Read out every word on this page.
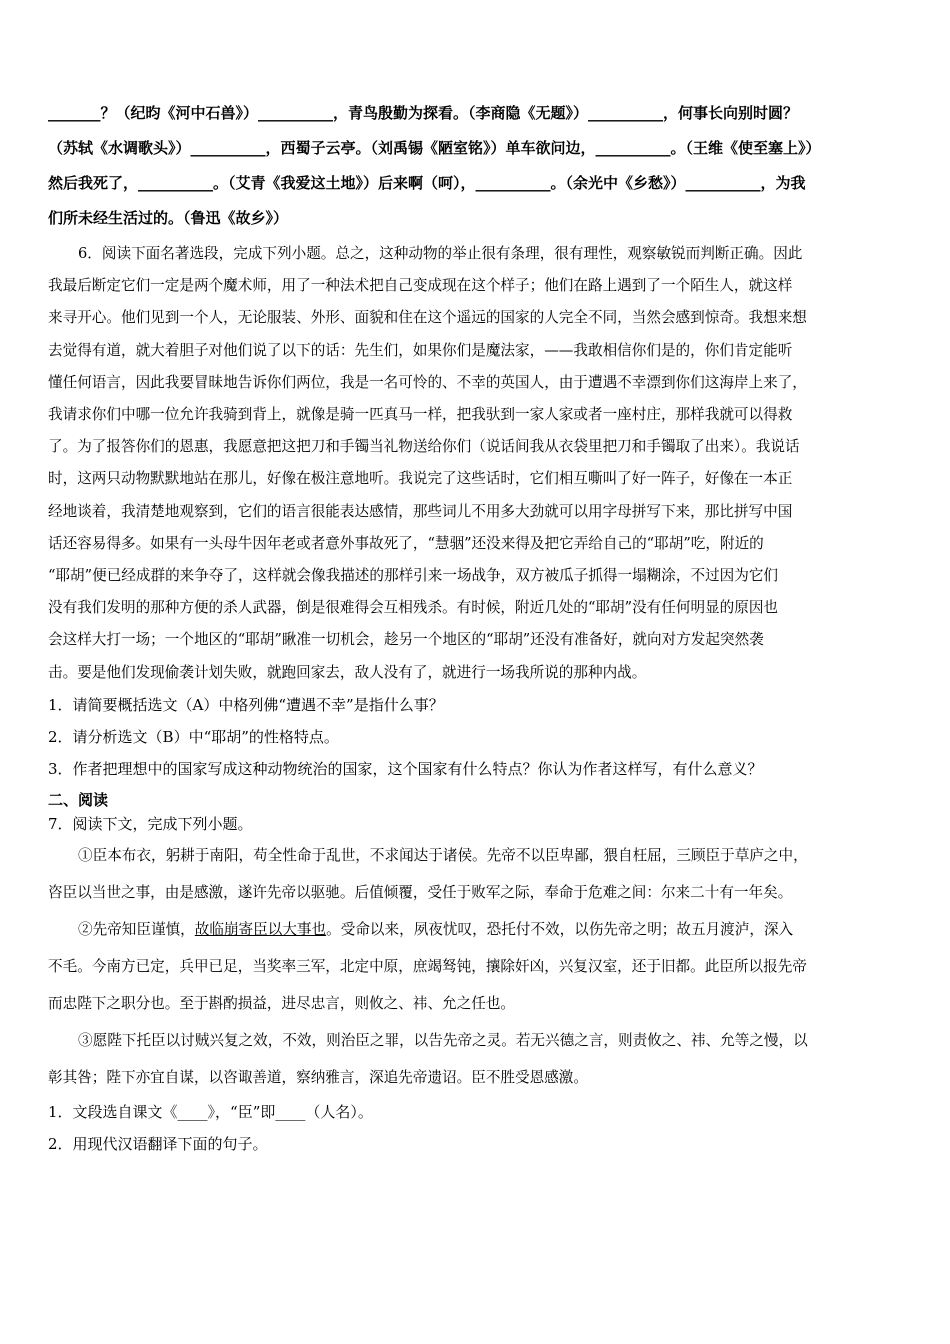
_______？（纪昀《河中石兽》）__________，青鸟殷勤为探看。（李商隐《无题》）__________，何事长向别时圆？

（苏轼《水调歌头》）__________，西蜀子云亭。（刘禹锡《陋室铭》）单车欲问边，__________。（王维《使至塞上》）

然后我死了，__________。（艾青《我爱这土地》）后来啊（呵），__________。（余光中《乡愁》）__________，为我

们所未经生活过的。（鲁迅《故乡》）

6．阅读下面名著选段，完成下列小题。总之，这种动物的举止很有条理，很有理性，观察敏锐而判断正确。因此

我最后断定它们一定是两个魔术师，用了一种法术把自己变成现在这个样子；他们在路上遇到了一个陌生人，就这样

来寻开心。他们见到一个人，无论服装、外形、面貌和住在这个遥远的国家的人完全不同，当然会感到惊奇。我想来想

去觉得有道，就大着胆子对他们说了以下的话：先生们，如果你们是魔法家，——我敢相信你们是的，你们肯定能听

懂任何语言，因此我要冒昧地告诉你们两位，我是一名可怜的、不幸的英国人，由于遭遇不幸漂到你们这海岸上来了，

我请求你们中哪一位允许我骑到背上，就像是骑一匹真马一样，把我驮到一家人家或者一座村庄，那样我就可以得救

了。为了报答你们的恩惠，我愿意把这把刀和手镯当礼物送给你们（说话间我从衣袋里把刀和手镯取了出来）。我说话

时，这两只动物默默地站在那儿，好像在极注意地听。我说完了这些话时，它们相互嘶叫了好一阵子，好像在一本正

经地谈着，我清楚地观察到，它们的语言很能表达感情，那些词儿不用多大劲就可以用字母拼写下来，那比拼写中国

话还容易得多。如果有一头母牛因年老或者意外事故死了，“慧骃”还没来得及把它弄给自己的“耶胡”吃，附近的

“耶胡”便已经成群的来争夺了，这样就会像我描述的那样引来一场战争，双方被瓜子抓得一塌糊涂，不过因为它们

没有我们发明的那种方便的杀人武器，倒是很难得会互相残杀。有时候，附近几处的“耶胡”没有任何明显的原因也

会这样大打一场；一个地区的“耶胡”瞅准一切机会，趁另一个地区的“耶胡”还没有准备好，就向对方发起突然袭

击。要是他们发现偷袭计划失败，就跑回家去，敌人没有了，就进行一场我所说的那种内战。

1．请简要概括选文（A）中格列佛“遭遇不幸”是指什么事？

2．请分析选文（B）中“耶胡”的性格特点。

3．作者把理想中的国家写成这种动物统治的国家，这个国家有什么特点？你认为作者这样写，有什么意义？

二、阅读

7．阅读下文，完成下列小题。

①臣本布衣，躬耕于南阳，苟全性命于乱世，不求闻达于诸侯。先帝不以臣卑鄙，猥自枉屈，三顾臣于草庐之中，

咨臣以当世之事，由是感激，遂许先帝以驱驰。后值倾覆，受任于败军之际，奉命于危难之间：尔来二十有一年矣。

②先帝知臣谨慎，故临崩寄臣以大事也。受命以来，夙夜忧叹，恐托付不效，以伤先帝之明；故五月渡泸，深入

不毛。今南方已定，兵甲已足，当奖率三军，北定中原，庶竭驽钝，攘除奸凶，兴复汉室，还于旧都。此臣所以报先帝

而忠陛下之职分也。至于斟酌损益，进尽忠言，则攸之、祎、允之任也。

③愿陛下托臣以讨贼兴复之效，不效，则治臣之罪，以告先帝之灵。若无兴德之言，则责攸之、祎、允等之慢，以

彰其咎；陛下亦宜自谋，以咨诹善道，察纳雅言，深追先帝遗诏。臣不胜受恩感激。

1．文段选自课文《____》，“臣”即____（人名）。

2．用现代汉语翻译下面的句子。
